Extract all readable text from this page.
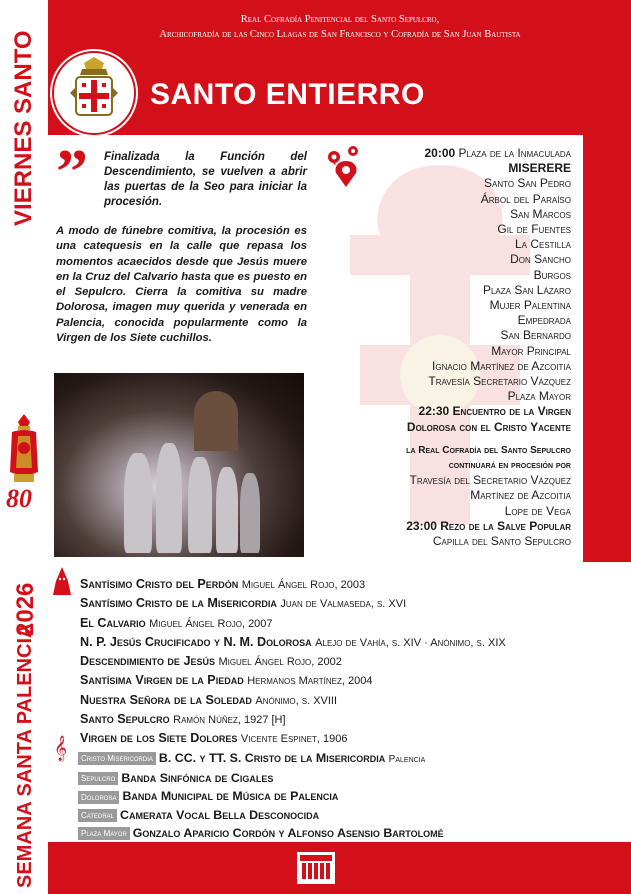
VIERNES SANTO
80
2026
SEMANA SANTA PALENCIA
Real Cofradía Penitencial del Santo Sepulcro,
Archicofradía de las Cinco Llagas de San Francisco y Cofradía de San Juan Bautista
SANTO ENTIERRO
” Finalizada la Función del Descendimiento, se vuelven a abrir las puertas de la Seo para iniciar la procesión.
A modo de fúnebre comitiva, la procesión es una catequesis en la calle que repasa los momentos acaecidos desde que Jesús muere en la Cruz del Calvario hasta que es puesto en el Sepulcro. Cierra la comitiva su madre Dolorosa, imagen muy querida y venerada en Palencia, conocida popularmente como la Virgen de los Siete cuchillos.
20:00 Plaza de la Inmaculada
MISERERE
Santo San Pedro
Árbol del Paraíso
San Marcos
Gil de Fuentes
La Cestilla
Don Sancho
Burgos
Plaza San Lázaro
Mujer Palentina
Empedrada
San Bernardo
Mayor Principal
Ignacio Martínez de Azcoitia
Travesía Secretario Vázquez
Plaza Mayor
22:30 Encuentro de la Virgen
Dolorosa con el Cristo Yacente
la Real Cofradía del Santo Sepulcro
continuará en procesión por
Travesía del Secretario Vázquez
Martínez de Azcoitia
Lope de Vega
23:00 Rezo de la Salve Popular
Capilla del Santo Sepulcro
Santísimo Cristo del Perdón Miguel Ángel Rojo, 2003
Santísimo Cristo de la Misericordia Juan de Valmaseda, s. XVI
El Calvario Miguel Ángel Rojo, 2007
N. P. Jesús Crucificado y N. M. Dolorosa Alejo de Vahía, s. XIV · Anónimo, s. XIX
Descendimiento de Jesús Miguel Ángel Rojo, 2002
Santísima Virgen de la Piedad Hermanos Martínez, 2004
Nuestra Señora de la Soledad Anónimo, s. XVIII
Santo Sepulcro Ramón Núñez, 1927 [H]
Virgen de los Siete Dolores Vicente Espinet, 1906
𝄞	Cristo Misericordia B. CC. y TT. S. Cristo de la Misericordia Palencia
Sepulcro Banda Sinfónica de Cigales
Dolorosa Banda Municipal de Música de Palencia
Catedral Camerata Vocal Bella Desconocida
Plaza Mayor Gonzalo Aparicio Cordón y Alfonso Asensio Bartolomé
